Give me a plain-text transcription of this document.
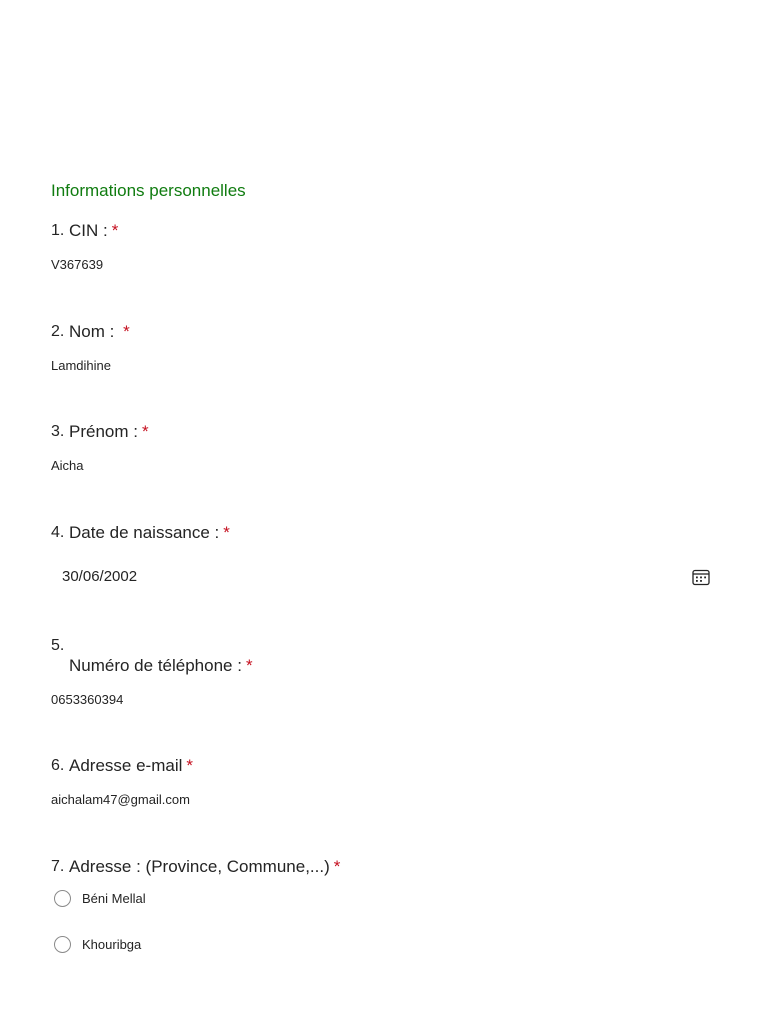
Informations personnelles
1. CIN : *
V367639
2. Nom : *
Lamdihine
3. Prénom : *
Aicha
4. Date de naissance : *
30/06/2002
5.
Numéro de téléphone : *
0653360394
6. Adresse e-mail *
aichalam47@gmail.com
7. Adresse : (Province, Commune,...) *
Béni Mellal
Khouribga
